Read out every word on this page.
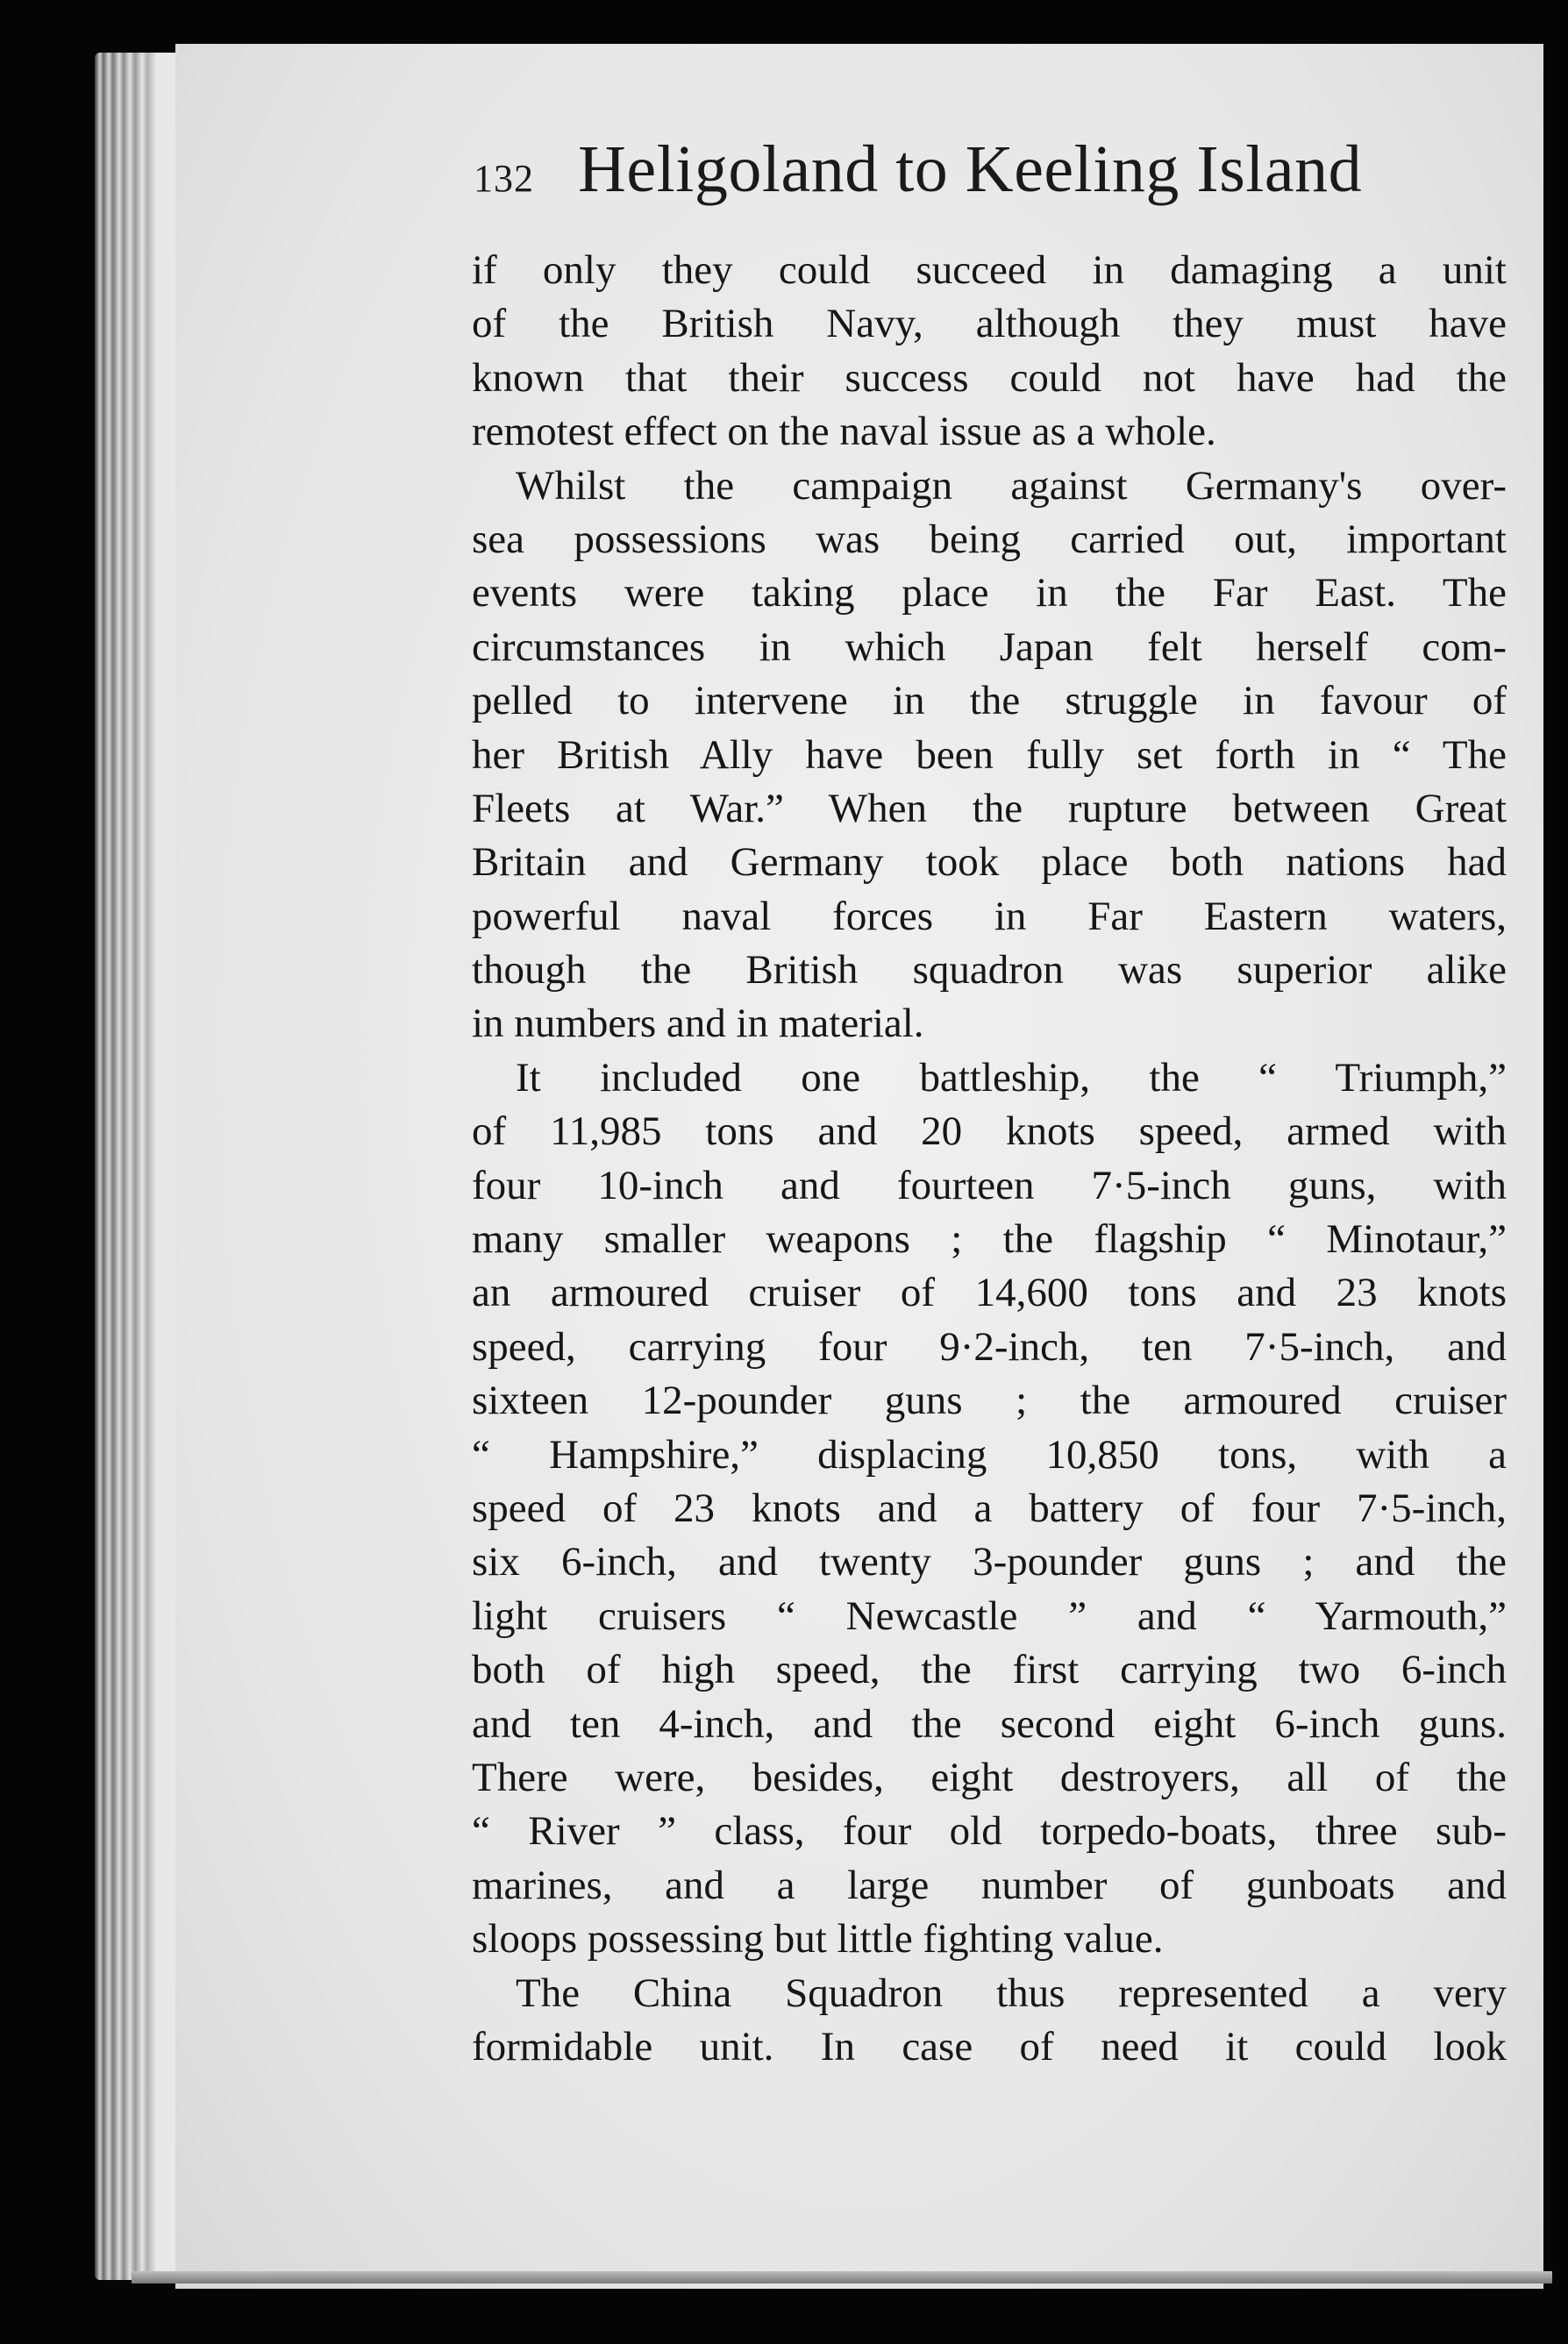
132 Heligoland to Keeling Island
if only they could succeed in damaging a unit
of the British Navy, although they must have
known that their success could not have had the
remotest effect on the naval issue as a whole.
Whilst the campaign against Germany's over-
sea possessions was being carried out, important
events were taking place in the Far East. The
circumstances in which Japan felt herself com-
pelled to intervene in the struggle in favour of
her British Ally have been fully set forth in “ The
Fleets at War.” When the rupture between Great
Britain and Germany took place both nations had
powerful naval forces in Far Eastern waters,
though the British squadron was superior alike
in numbers and in material.
It included one battleship, the “ Triumph,”
of 11,985 tons and 20 knots speed, armed with
four 10-inch and fourteen 7·5-inch guns, with
many smaller weapons ; the flagship “ Minotaur,”
an armoured cruiser of 14,600 tons and 23 knots
speed, carrying four 9·2-inch, ten 7·5-inch, and
sixteen 12-pounder guns ; the armoured cruiser
“ Hampshire,” displacing 10,850 tons, with a
speed of 23 knots and a battery of four 7·5-inch,
six 6-inch, and twenty 3-pounder guns ; and the
light cruisers “ Newcastle ” and “ Yarmouth,”
both of high speed, the first carrying two 6-inch
and ten 4-inch, and the second eight 6-inch guns.
There were, besides, eight destroyers, all of the
“ River ” class, four old torpedo-boats, three sub-
marines, and a large number of gunboats and
sloops possessing but little fighting value.
The China Squadron thus represented a very
formidable unit. In case of need it could look
